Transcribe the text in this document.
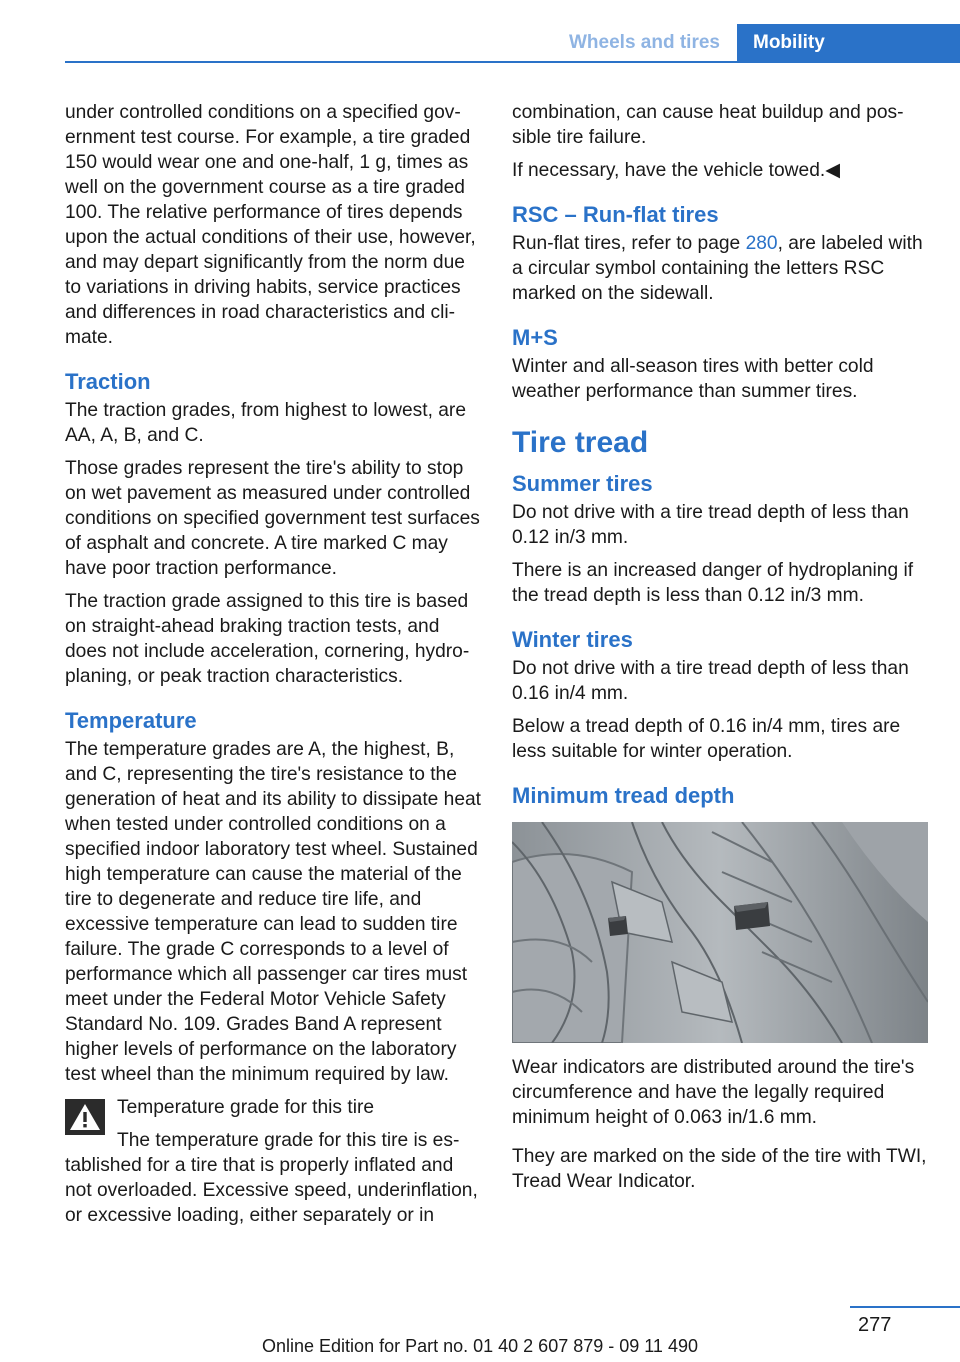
Wheels and tires	Mobility

under controlled conditions on a specified government test course. For example, a tire graded 150 would wear one and one-half, 1 g, times as well on the government course as a tire graded 100. The relative performance of tires depends upon the actual conditions of their use, however, and may depart significantly from the norm due to variations in driving habits, service practices and differences in road characteristics and climate.

Traction

The traction grades, from highest to lowest, are AA, A, B, and C.

Those grades represent the tire's ability to stop on wet pavement as measured under controlled conditions on specified government test surfaces of asphalt and concrete. A tire marked C may have poor traction performance.

The traction grade assigned to this tire is based on straight-ahead braking traction tests, and does not include acceleration, cornering, hydroplaning, or peak traction characteristics.

Temperature

The temperature grades are A, the highest, B, and C, representing the tire's resistance to the generation of heat and its ability to dissipate heat when tested under controlled conditions on a specified indoor laboratory test wheel. Sustained high temperature can cause the material of the tire to degenerate and reduce tire life, and excessive temperature can lead to sudden tire failure. The grade C corresponds to a level of performance which all passenger car tires must meet under the Federal Motor Vehicle Safety Standard No. 109. Grades Band A represent higher levels of performance on the laboratory test wheel than the minimum required by law.

Temperature grade for this tire

The temperature grade for this tire is established for a tire that is properly inflated and not overloaded. Excessive speed, underinflation, or excessive loading, either separately or in

combination, can cause heat buildup and possible tire failure.

If necessary, have the vehicle towed.◀

RSC – Run-flat tires

Run-flat tires, refer to page 280, are labeled with a circular symbol containing the letters RSC marked on the sidewall.

M+S

Winter and all-season tires with better cold weather performance than summer tires.

Tire tread
Summer tires

Do not drive with a tire tread depth of less than 0.12 in/3 mm.

There is an increased danger of hydroplaning if the tread depth is less than 0.12 in/3 mm.

Winter tires

Do not drive with a tire tread depth of less than 0.16 in/4 mm.

Below a tread depth of 0.16 in/4 mm, tires are less suitable for winter operation.

Minimum tread depth

Wear indicators are distributed around the tire's circumference and have the legally required minimum height of 0.063 in/1.6 mm.

They are marked on the side of the tire with TWI, Tread Wear Indicator.

277
Online Edition for Part no. 01 40 2 607 879 - 09 11 490
